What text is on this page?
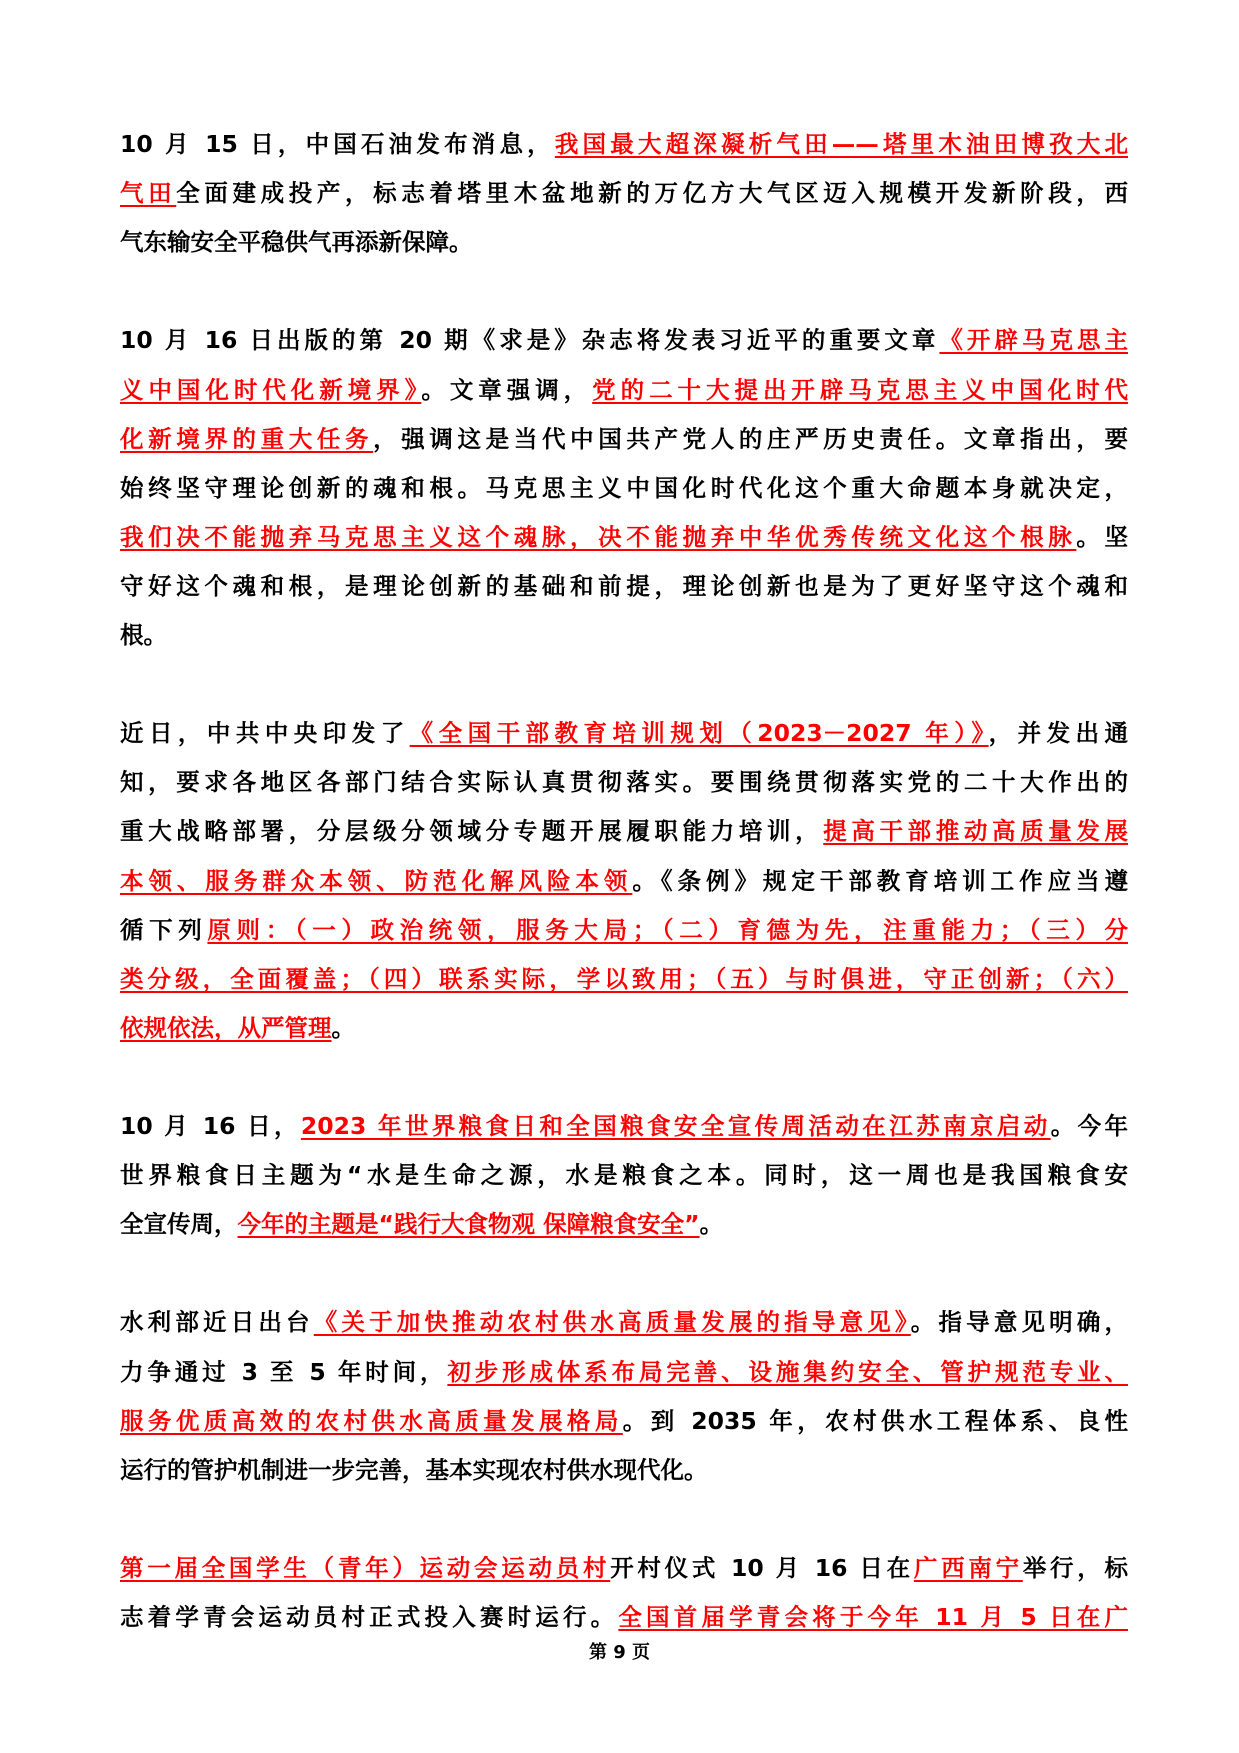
10 月 15 日，中国石油发布消息，我国最大超深凝析气田——塔里木油田博孜大北
气田全面建成投产，标志着塔里木盆地新的万亿方大气区迈入规模开发新阶段，西
气东输安全平稳供气再添新保障。
10 月 16 日出版的第 20 期《求是》杂志将发表习近平的重要文章《开辟马克思主
义中国化时代化新境界》。文章强调，党的二十大提出开辟马克思主义中国化时代
化新境界的重大任务，强调这是当代中国共产党人的庄严历史责任。文章指出，要
始终坚守理论创新的魂和根。马克思主义中国化时代化这个重大命题本身就决定，
我们决不能抛弃马克思主义这个魂脉，决不能抛弃中华优秀传统文化这个根脉。坚
守好这个魂和根，是理论创新的基础和前提，理论创新也是为了更好坚守这个魂和
根。
近日，中共中央印发了《全国干部教育培训规划（2023－2027 年）》，并发出通
知，要求各地区各部门结合实际认真贯彻落实。要围绕贯彻落实党的二十大作出的
重大战略部署，分层级分领域分专题开展履职能力培训，提高干部推动高质量发展
本领、服务群众本领、防范化解风险本领。《条例》规定干部教育培训工作应当遵
循下列原则：（一）政治统领，服务大局；（二）育德为先，注重能力；（三）分
类分级，全面覆盖；（四）联系实际，学以致用；（五）与时俱进，守正创新；（六）
依规依法，从严管理。
10 月 16 日，2023 年世界粮食日和全国粮食安全宣传周活动在江苏南京启动。今年
世界粮食日主题为“水是生命之源，水是粮食之本。同时，这一周也是我国粮食安
全宣传周，今年的主题是“践行大食物观 保障粮食安全”。
水利部近日出台《关于加快推动农村供水高质量发展的指导意见》。指导意见明确，
力争通过 3 至 5 年时间，初步形成体系布局完善、设施集约安全、管护规范专业、
服务优质高效的农村供水高质量发展格局。到 2035 年，农村供水工程体系、良性
运行的管护机制进一步完善，基本实现农村供水现代化。
第一届全国学生（青年）运动会运动员村开村仪式 10 月 16 日在广西南宁举行，标
志着学青会运动员村正式投入赛时运行。全国首届学青会将于今年 11 月 5 日在广
第 9 页
